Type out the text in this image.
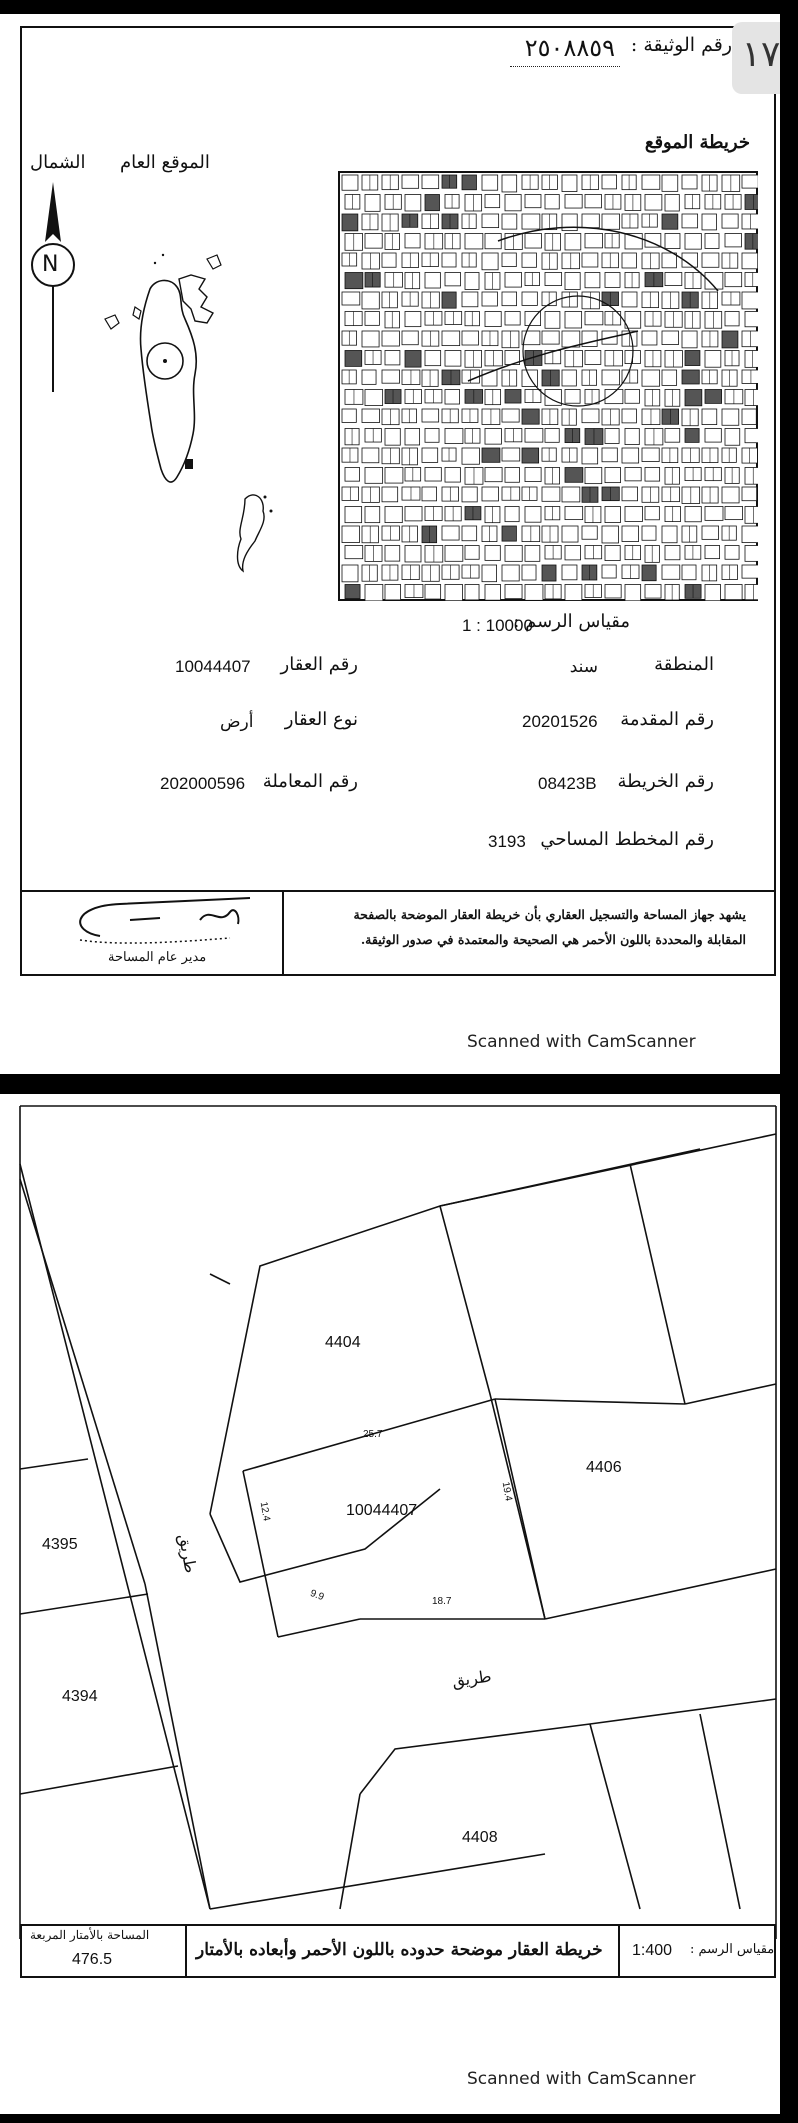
١٧
رقم الوثيقة :
٢٥٠٨٨٥٩
خريطة الموقع
الموقع العام
الشمال
N
مقياس الرسم :
1 : 10000
المنطقة
سند
رقم العقار
10044407
رقم المقدمة
20201526
نوع العقار
أرض
رقم الخريطة
08423B
رقم المعاملة
202000596
رقم المخطط المساحي
3193
يشهد جهاز المساحة والتسجيل العقاري بأن خريطة العقار الموضحة بالصفحة
المقابلة والمحددة باللون الأحمر هي الصحيحة والمعتمدة في صدور الوثيقة.
مدير عام المساحة
Scanned with CamScanner
4404
4406
4395
4394
4408
10044407
25.7
19.4
12.4
9.9	18.7
طريق
طريق
المساحة بالأمتار المربعة
476.5	خريطة العقار موضحة حدوده باللون الأحمر وأبعاده بالأمتار 1:400 مقياس الرسم :
Scanned with CamScanner
